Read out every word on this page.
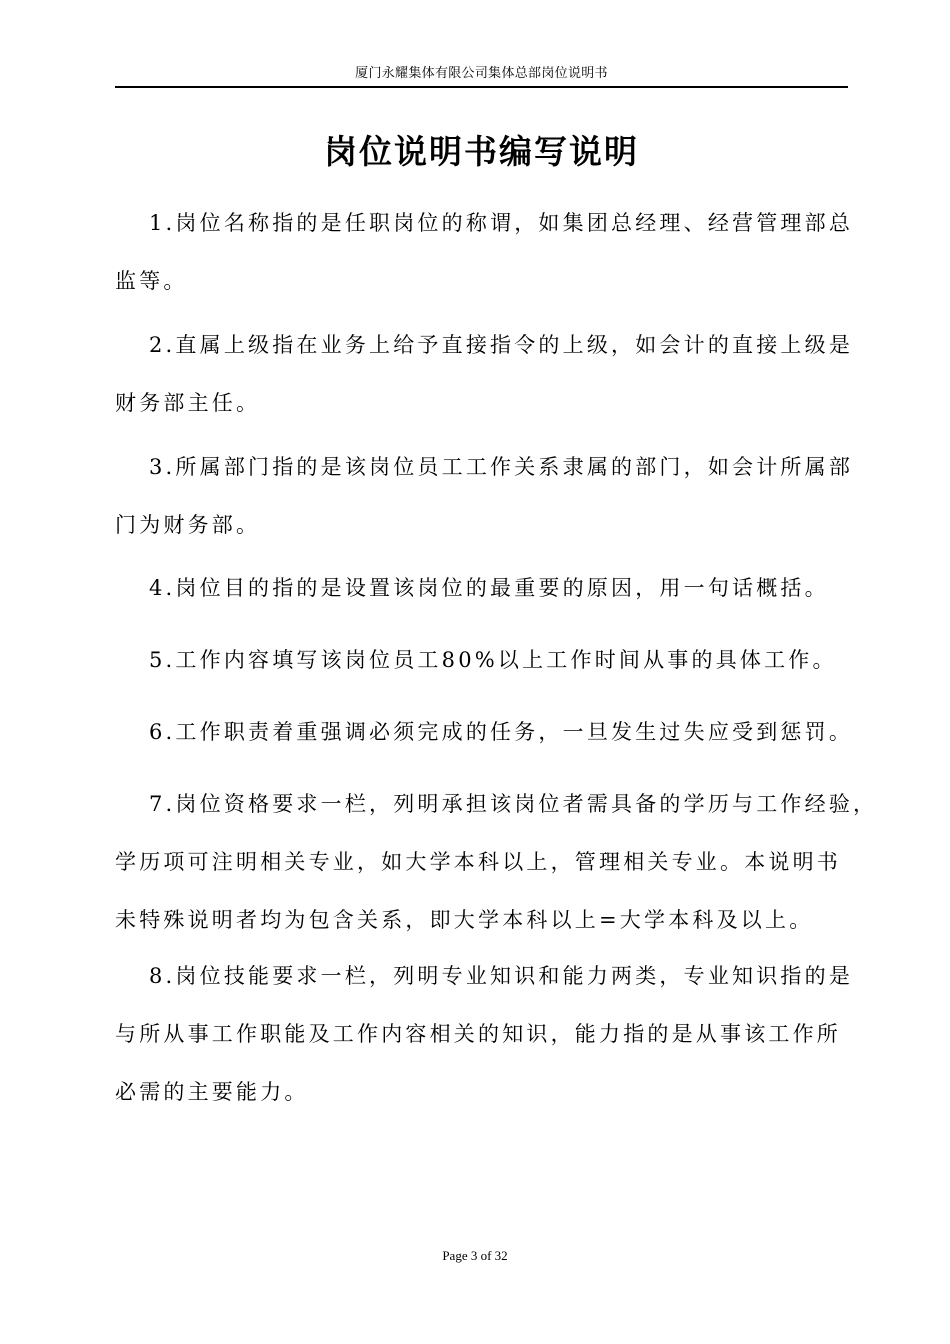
厦门永耀集体有限公司集体总部岗位说明书
岗位说明书编写说明

1.岗位名称指的是任职岗位的称谓，如集团总经理、经营管理部总
监等。

2.直属上级指在业务上给予直接指令的上级，如会计的直接上级是
财务部主任。

3.所属部门指的是该岗位员工工作关系隶属的部门，如会计所属部
门为财务部。

4.岗位目的指的是设置该岗位的最重要的原因，用一句话概括。

5.工作内容填写该岗位员工80%以上工作时间从事的具体工作。

6.工作职责着重强调必须完成的任务，一旦发生过失应受到惩罚。

7.岗位资格要求一栏，列明承担该岗位者需具备的学历与工作经验，
学历项可注明相关专业，如大学本科以上，管理相关专业。本说明书
未特殊说明者均为包含关系，即大学本科以上=大学本科及以上。

8.岗位技能要求一栏，列明专业知识和能力两类，专业知识指的是
与所从事工作职能及工作内容相关的知识，能力指的是从事该工作所
必需的主要能力。

Page 3 of 32
